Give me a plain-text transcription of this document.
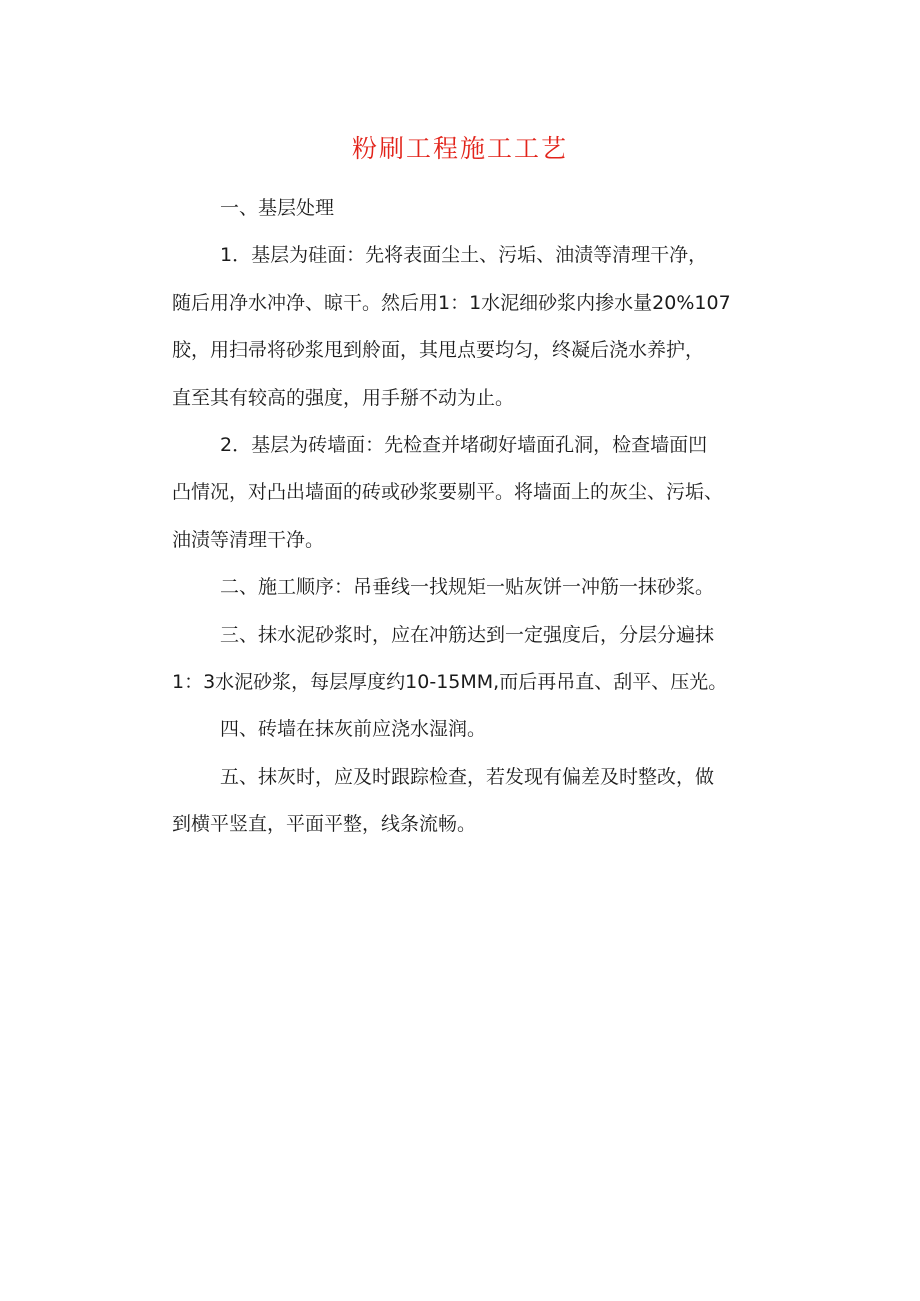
粉刷工程施工工艺
一、基层处理
1．基层为硅面：先将表面尘土、污垢、油渍等清理干净，
随后用净水冲净、晾干。然后用1：1水泥细砂浆内掺水量20%107
胶，用扫帚将砂浆甩到舲面，其甩点要均匀，终凝后浇水养护，
直至其有较高的强度，用手掰不动为止。
2．基层为砖墙面：先检查并堵砌好墙面孔洞，检查墙面凹
凸情况，对凸出墙面的砖或砂浆要剔平。将墙面上的灰尘、污垢、
油渍等清理干净。
二、施工顺序：吊垂线一找规矩一贴灰饼一冲筋一抹砂浆。
三、抹水泥砂浆时，应在冲筋达到一定强度后，分层分遍抹
1：3水泥砂浆，每层厚度约10-15MM,而后再吊直、刮平、压光。
四、砖墙在抹灰前应浇水湿润。
五、抹灰时，应及时跟踪检查，若发现有偏差及时整改，做
到横平竖直，平面平整，线条流畅。
